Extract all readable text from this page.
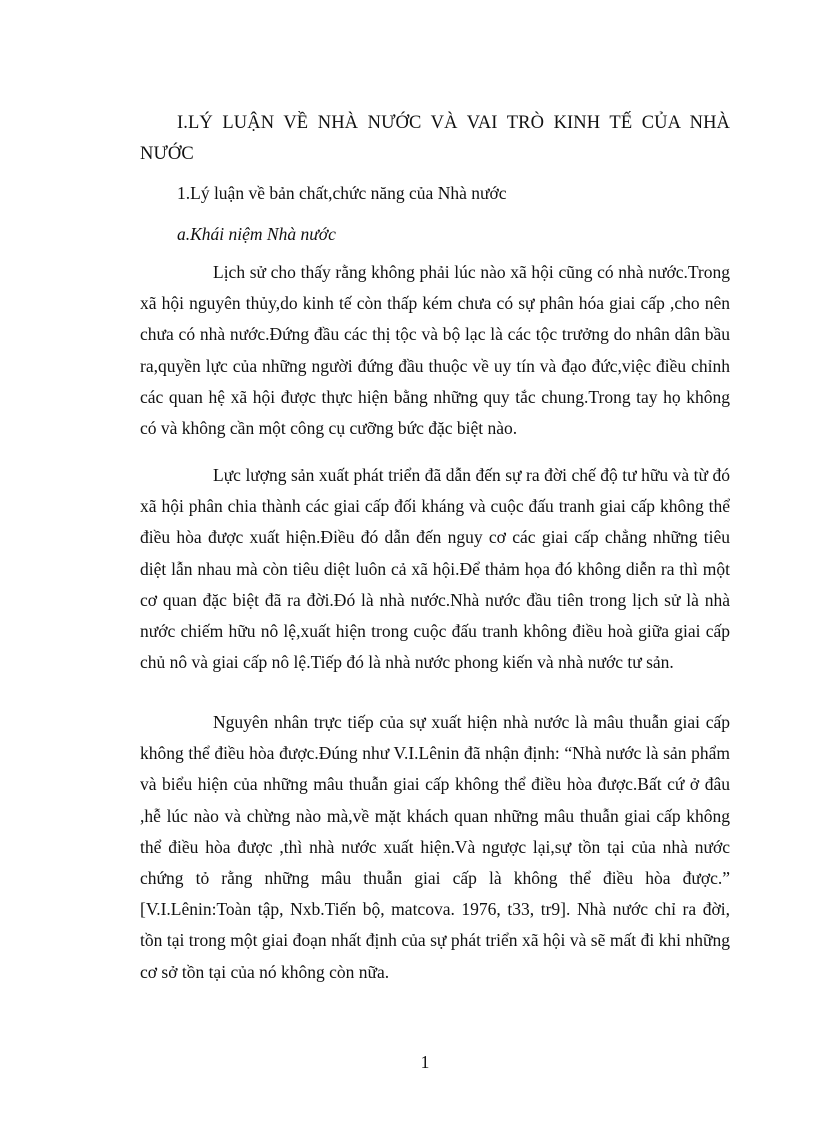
I.LÝ LUẬN VỀ NHÀ NƯỚC VÀ VAI TRÒ KINH TẾ CỦA NHÀ NƯỚC
1.Lý luận về bản chất,chức năng của Nhà nước
a.Khái niệm Nhà nước

Lịch sử cho thấy rằng không phải lúc nào xã hội cũng có nhà nước.Trong xã hội nguyên thủy,do kinh tế còn thấp kém chưa có sự phân hóa giai cấp ,cho nên chưa có nhà nước.Đứng đầu các thị tộc và bộ lạc là các tộc trưởng do nhân dân bầu ra,quyền lực của những người đứng đầu thuộc về uy tín và đạo đức,việc điều chỉnh các quan hệ xã hội được thực hiện bằng những quy tắc chung.Trong tay họ không có và không cần một công cụ cưỡng bức đặc biệt nào.

Lực lượng sản xuất phát triển đã dẫn đến sự ra đời chế độ tư hữu và từ đó xã hội phân chia thành các giai cấp đối kháng và cuộc đấu tranh giai cấp không thể điều hòa được xuất hiện.Điều đó dẫn đến nguy cơ các giai cấp chẳng những tiêu diệt lẫn nhau mà còn tiêu diệt luôn cả xã hội.Để thảm họa đó không diễn ra thì một cơ quan đặc biệt đã ra đời.Đó là nhà nước.Nhà nước đầu tiên trong lịch sử là nhà nước chiếm hữu nô lệ,xuất hiện trong cuộc đấu tranh không điều hoà giữa giai cấp chủ nô và giai cấp nô lệ.Tiếp đó là nhà nước phong kiến và nhà nước tư sản.

Nguyên nhân trực tiếp của sự xuất hiện nhà nước là mâu thuẫn giai cấp không thể điều hòa được.Đúng như V.I.Lênin đã nhận định: “Nhà nước là sản phẩm và biểu hiện của những mâu thuẫn giai cấp không thể điều hòa được.Bất cứ ở đâu ,hễ lúc nào và chừng nào mà,về mặt khách quan những mâu thuẫn giai cấp không thể điều hòa được ,thì nhà nước xuất hiện.Và ngược lại,sự tồn tại của nhà nước chứng tỏ rằng những mâu thuẫn giai cấp là không thể điều hòa được.” [V.I.Lênin:Toàn tập, Nxb.Tiến bộ, matcova. 1976, t33, tr9]. Nhà nước chỉ ra đời, tồn tại trong một giai đoạn nhất định của sự phát triển xã hội và sẽ mất đi khi những cơ sở tồn tại của nó không còn nữa.

1
